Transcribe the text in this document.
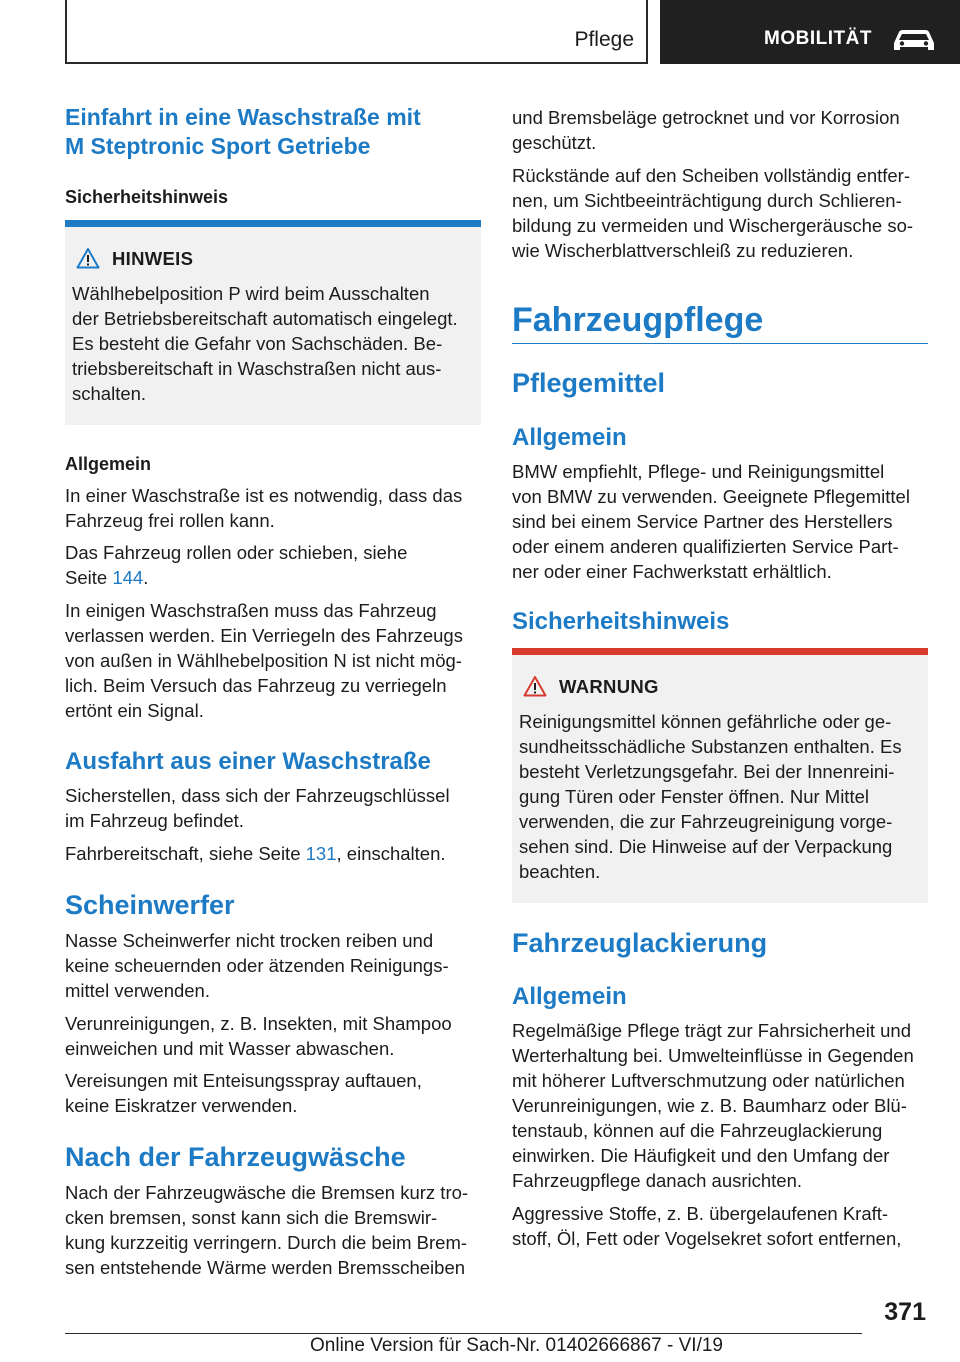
Pflege	MOBILITÄT
Einfahrt in eine Waschstraße mit
M Steptronic Sport Getriebe
Sicherheitshinweis
HINWEIS

Wählhebelposition P wird beim Ausschalten

der Betriebsbereitschaft automatisch eingelegt.

Es besteht die Gefahr von Sachschäden. Be-

triebsbereitschaft in Waschstraßen nicht aus-

schalten.

Allgemein

In einer Waschstraße ist es notwendig, dass das

Fahrzeug frei rollen kann.

Das Fahrzeug rollen oder schieben, siehe

Seite 144.

In einigen Waschstraßen muss das Fahrzeug

verlassen werden. Ein Verriegeln des Fahrzeugs

von außen in Wählhebelposition N ist nicht mög-

lich. Beim Versuch das Fahrzeug zu verriegeln

ertönt ein Signal.

Ausfahrt aus einer Waschstraße

Sicherstellen, dass sich der Fahrzeugschlüssel

im Fahrzeug befindet.

Fahrbereitschaft, siehe Seite 131, einschalten.

Scheinwerfer

Nasse Scheinwerfer nicht trocken reiben und

keine scheuernden oder ätzenden Reinigungs-

mittel verwenden.

Verunreinigungen, z. B. Insekten, mit Shampoo

einweichen und mit Wasser abwaschen.

Vereisungen mit Enteisungsspray auftauen,

keine Eiskratzer verwenden.

Nach der Fahrzeugwäsche

Nach der Fahrzeugwäsche die Bremsen kurz tro-

cken bremsen, sonst kann sich die Bremswir-

kung kurzzeitig verringern. Durch die beim Brem-

sen entstehende Wärme werden Bremsscheiben

und Bremsbeläge getrocknet und vor Korrosion

geschützt.

Rückstände auf den Scheiben vollständig entfer-

nen, um Sichtbeeinträchtigung durch Schlieren-

bildung zu vermeiden und Wischergeräusche so-

wie Wischerblattverschleiß zu reduzieren.

Fahrzeugpflege
Pflegemittel
Allgemein

BMW empfiehlt, Pflege- und Reinigungsmittel

von BMW zu verwenden. Geeignete Pflegemittel

sind bei einem Service Partner des Herstellers

oder einem anderen qualifizierten Service Part-

ner oder einer Fachwerkstatt erhältlich.

Sicherheitshinweis
WARNUNG

Reinigungsmittel können gefährliche oder ge-

sundheitsschädliche Substanzen enthalten. Es

besteht Verletzungsgefahr. Bei der Innenreini-

gung Türen oder Fenster öffnen. Nur Mittel

verwenden, die zur Fahrzeugreinigung vorge-

sehen sind. Die Hinweise auf der Verpackung

beachten.

Fahrzeuglackierung
Allgemein

Regelmäßige Pflege trägt zur Fahrsicherheit und

Werterhaltung bei. Umwelteinflüsse in Gegenden

mit höherer Luftverschmutzung oder natürlichen

Verunreinigungen, wie z. B. Baumharz oder Blü-

tenstaub, können auf die Fahrzeuglackierung

einwirken. Die Häufigkeit und den Umfang der

Fahrzeugpflege danach ausrichten.

Aggressive Stoffe, z. B. übergelaufenen Kraft-

stoff, Öl, Fett oder Vogelsekret sofort entfernen,

371
Online Version für Sach-Nr. 01402666867 - VI/19
